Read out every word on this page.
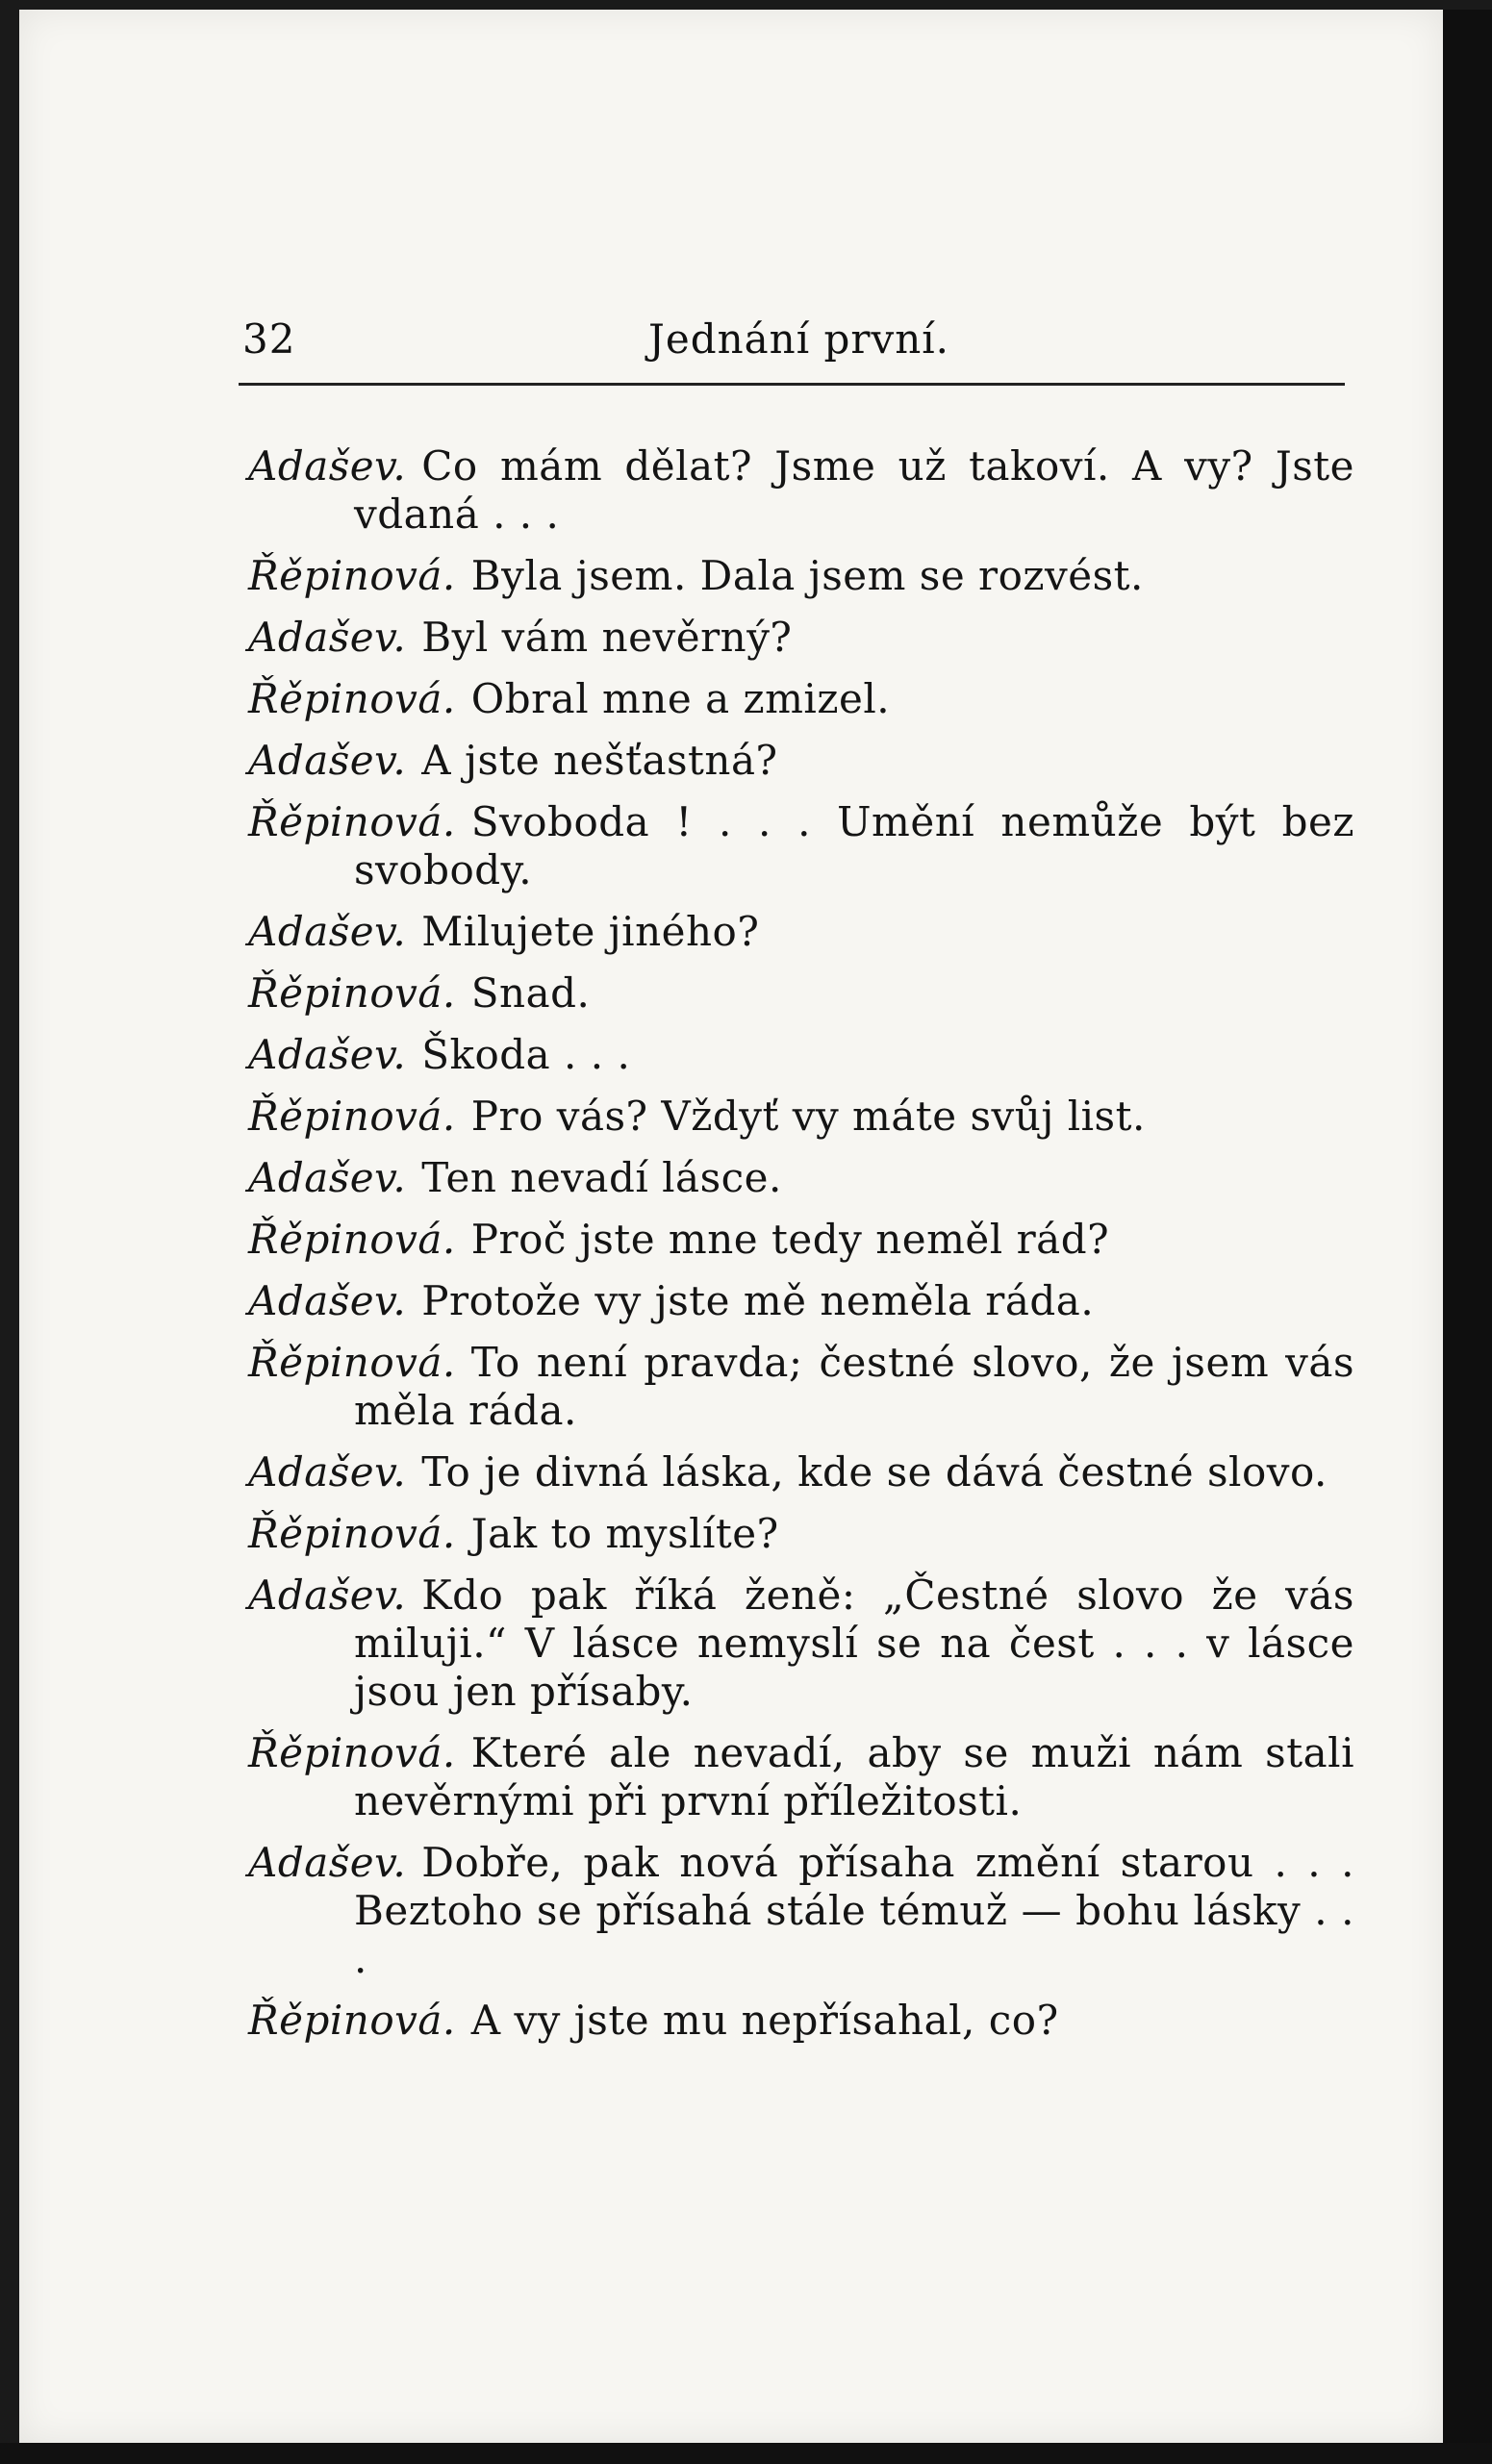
32	Jednání první.
Adašev. Co mám dělat? Jsme už takoví. A vy? Jste vdaná . . .
Řěpinová. Byla jsem. Dala jsem se rozvést.
Adašev. Byl vám nevěrný?
Řěpinová. Obral mne a zmizel.
Adašev. A jste nešťastná?
Řěpinová. Svoboda ! . . . Umění nemůže být bez svobody.
Adašev. Milujete jiného?
Řěpinová. Snad.
Adašev. Škoda . . .
Řěpinová. Pro vás? Vždyť vy máte svůj list.
Adašev. Ten nevadí lásce.
Řěpinová. Proč jste mne tedy neměl rád?
Adašev. Protože vy jste mě neměla ráda.
Řěpinová. To není pravda; čestné slovo, že jsem vás měla ráda.
Adašev. To je divná láska, kde se dává čestné slovo.
Řěpinová. Jak to myslíte?
Adašev. Kdo pak říká ženě: „Čestné slovo že vás miluji.“ V lásce nemyslí se na čest . . . v lásce jsou jen přísaby.
Řěpinová. Které ale nevadí, aby se muži nám stali nevěrnými při první příležitosti.
Adašev. Dobře, pak nová přísaha změní starou . . . Beztoho se přísahá stále témuž — bohu lásky . . .
Řěpinová. A vy jste mu nepřísahal, co?
